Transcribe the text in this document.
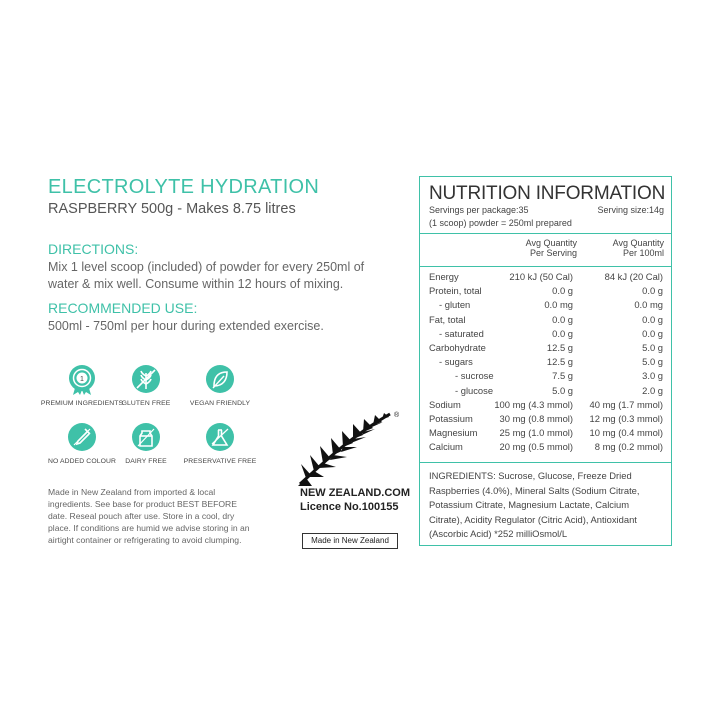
ELECTROLYTE HYDRATION
RASPBERRY 500g - Makes 8.75 litres
DIRECTIONS:
Mix 1 level scoop (included) of powder for every 250ml of
water & mix well. Consume within 12 hours of mixing.
RECOMMENDED USE:
500ml - 750ml per hour during extended exercise.
1
PREMIUM INGREDIENTS
GLUTEN FREE	VEGAN FRIENDLY
NO ADDED COLOUR	DAIRY FREE	PRESERVATIVE FREE
Made in New Zealand from imported & local
ingredients. See base for product BEST BEFORE
date. Reseal pouch after use. Store in a cool, dry
place. If conditions are humid we advise storing in an
airtight container or refrigerating to avoid clumping.
®
NEW ZEALAND.COM
Licence No.100155
Made in New Zealand
NUTRITION INFORMATION
Servings per package:35	Serving size:14g
(1 scoop) powder = 250ml prepared
Avg Quantity
Per Serving
Avg Quantity
Per 100ml
Energy	210 kJ (50 Cal)	84 kJ (20 Cal)
Protein, total	0.0 g	0.0 g
- gluten	0.0 mg	0.0 mg
Fat, total	0.0 g	0.0 g
- saturated	0.0 g	0.0 g
Carbohydrate	12.5 g	5.0 g
- sugars	12.5 g	5.0 g
- sucrose	7.5 g	3.0 g
- glucose	5.0 g	2.0 g
Sodium	100 mg (4.3 mmol) 40 mg (1.7 mmol)
Potassium	30 mg (0.8 mmol) 12 mg (0.3 mmol)
Magnesium 25 mg (1.0 mmol) 10 mg (0.4 mmol)
Calcium	20 mg (0.5 mmol) 8 mg (0.2 mmol)
INGREDIENTS: Sucrose, Glucose, Freeze Dried Raspberries (4.0%), Mineral Salts (Sodium Citrate, Potassium Citrate, Magnesium Lactate, Calcium Citrate), Acidity Regulator (Citric Acid), Antioxidant (Ascorbic Acid) *252 milliOsmol/L
